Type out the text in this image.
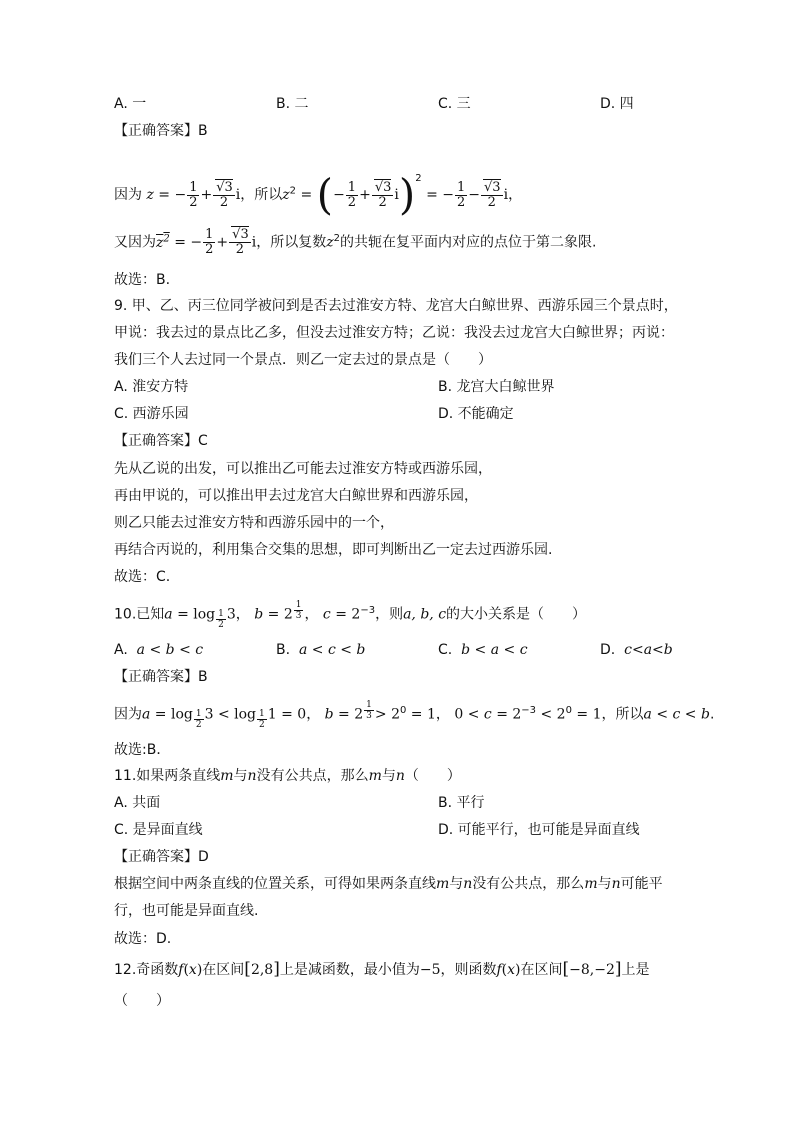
A. 一	B. 二	C. 三	D. 四
【正确答案】B
因为 z = − $\frac{1}{2} + \frac{√3}{2}$ i，所以$z^2$ = (− $\frac{1}{2} + \frac{√3}{2} i)^2$ = − $\frac{1}{2} - \frac{√3}{2}$ i，
又因为$z^2$ = − $\frac{1}{2} + \frac{√3}{2}$ i，所以复数$z^2$的共轭在复平面内对应的点位于第二象限.
故选：B.
9. 甲、乙、丙三位同学被问到是否去过淮安方特、龙宫大白鲸世界、西游乐园三个景点时，
甲说：我去过的景点比乙多，但没去过淮安方特；乙说：我没去过龙宫大白鲸世界；丙说：
我们三个人去过同一个景点．则乙一定去过的景点是（　　）
A. 淮安方特	B. 龙宫大白鲸世界
C. 西游乐园	D. 不能确定
【正确答案】C
先从乙说的出发，可以推出乙可能去过淮安方特或西游乐园，
再由甲说的，可以推出甲去过龙宫大白鲸世界和西游乐园，
则乙只能去过淮安方特和西游乐园中的一个，
再结合丙说的，利用集合交集的思想，即可判断出乙一定去过西游乐园.
故选：C.
10.已知a = log $_{\frac{1}{2}}$ 3， b = 2 $^{\frac{1}{3}}$ ， $c = 2^{-3}$，则a, b, c的大小关系是（　　）
A.  a < b < c	B.  a < c < b	C.  b < a < c	D.  c<a<b
【正确答案】B
因为a = log $_{\frac{1}{2}}$ 3 < log $_{\frac{1}{2}}$ 1 = 0， b = 2 $^{\frac{1}{3}} > 2^0 = 1$， $0 < c = 2^{-3} < 2^0 = 1$，所以a < c < b.
故选:B．
11.如果两条直线m与n没有公共点，那么m与n（　　）
A. 共面	B. 平行
C. 是异面直线	D. 可能平行，也可能是异面直线
【正确答案】D
根据空间中两条直线的位置关系，可得如果两条直线m与n没有公共点，那么m与n可能平
行，也可能是异面直线.
故选：D.
12.奇函数f(x)在区间[2,8]上是减函数，最小值为−5，则函数f(x)在区间[−8,−2]上是
（　　）
